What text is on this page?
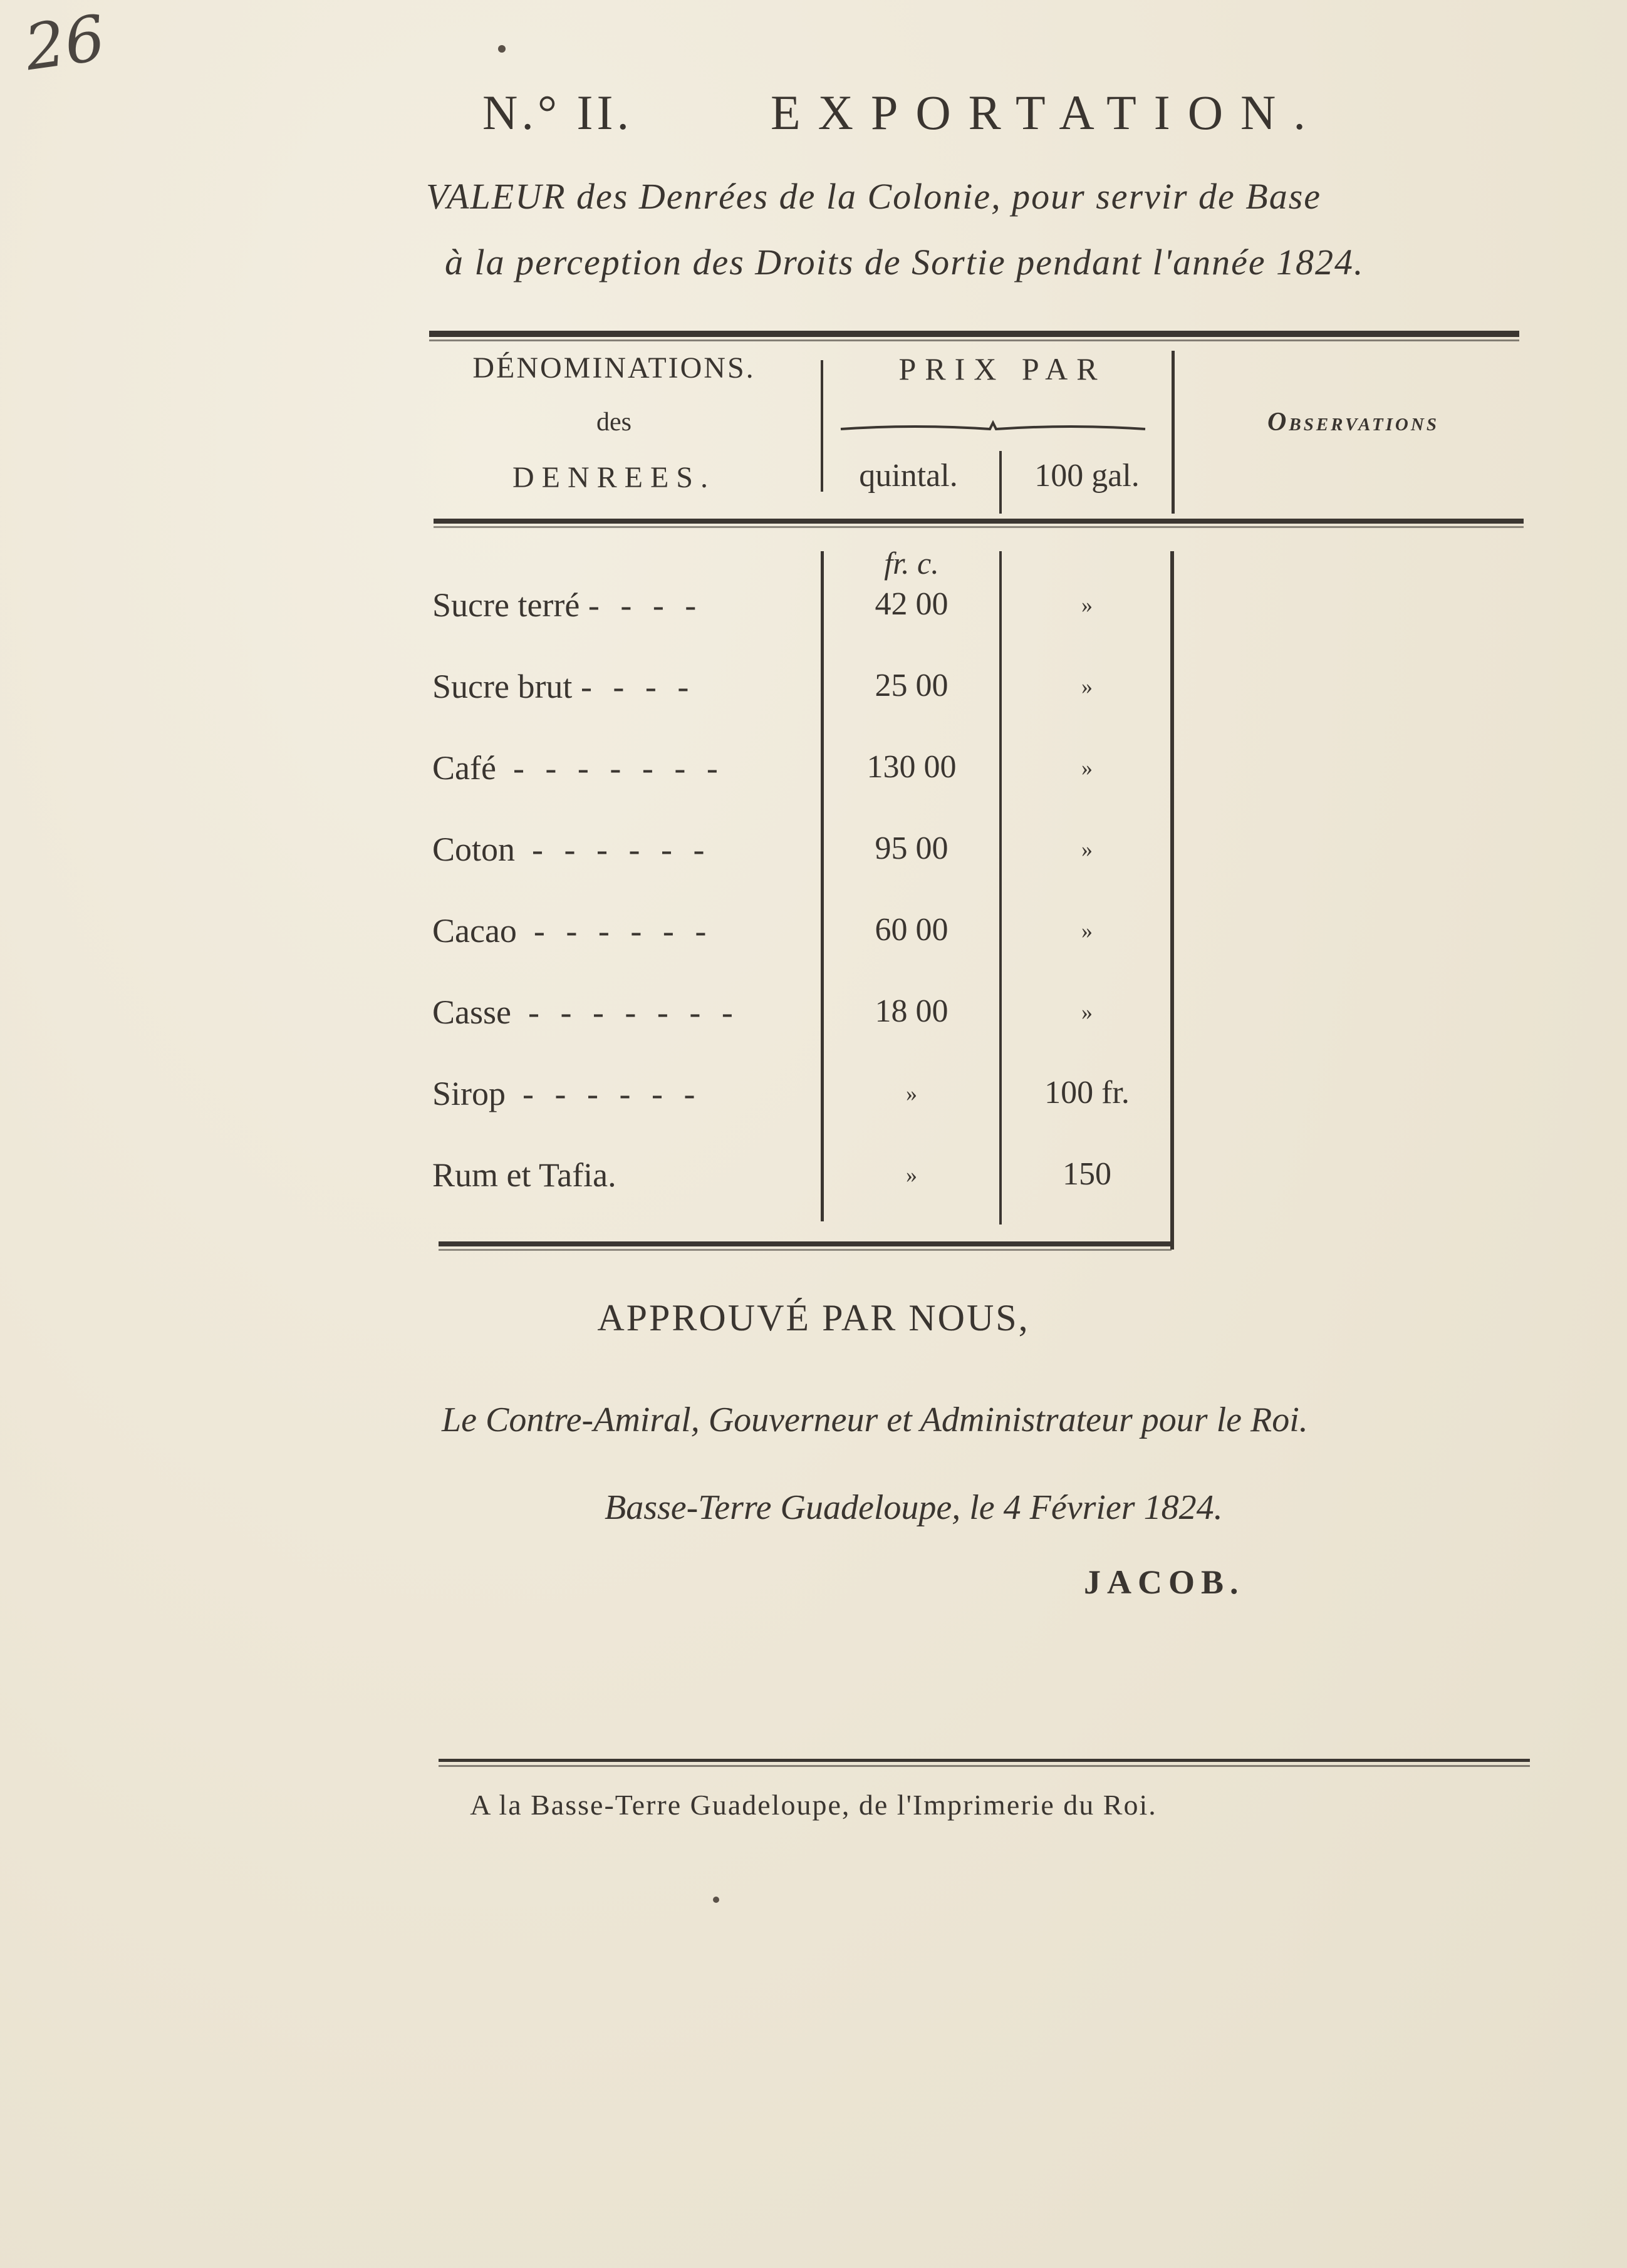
26
N.° II.	EXPORTATION.
VALEUR des Denrées de la Colonie, pour servir de Base
à la perception des Droits de Sortie pendant l'année 1824.
DÉNOMINATIONS.
des
DENREES.
PRIX PAR
quintal.	100 gal.
Observations
fr. c.
Sucre terré - - - -	42 00	»
Sucre brut - - - -	25 00	»
Café - - - - - - -	130 00	»
Coton - - - - - -	95 00	»
Cacao - - - - - -	60 00	»
Casse - - - - - - -	18 00	»
Sirop - - - - - -	»	100 fr.
Rum et Tafia.	»	150
APPROUVÉ PAR NOUS,
Le Contre-Amiral, Gouverneur et Administrateur pour le Roi.
Basse-Terre Guadeloupe, le 4 Février 1824.
JACOB.
A la Basse-Terre Guadeloupe, de l'Imprimerie du Roi.
